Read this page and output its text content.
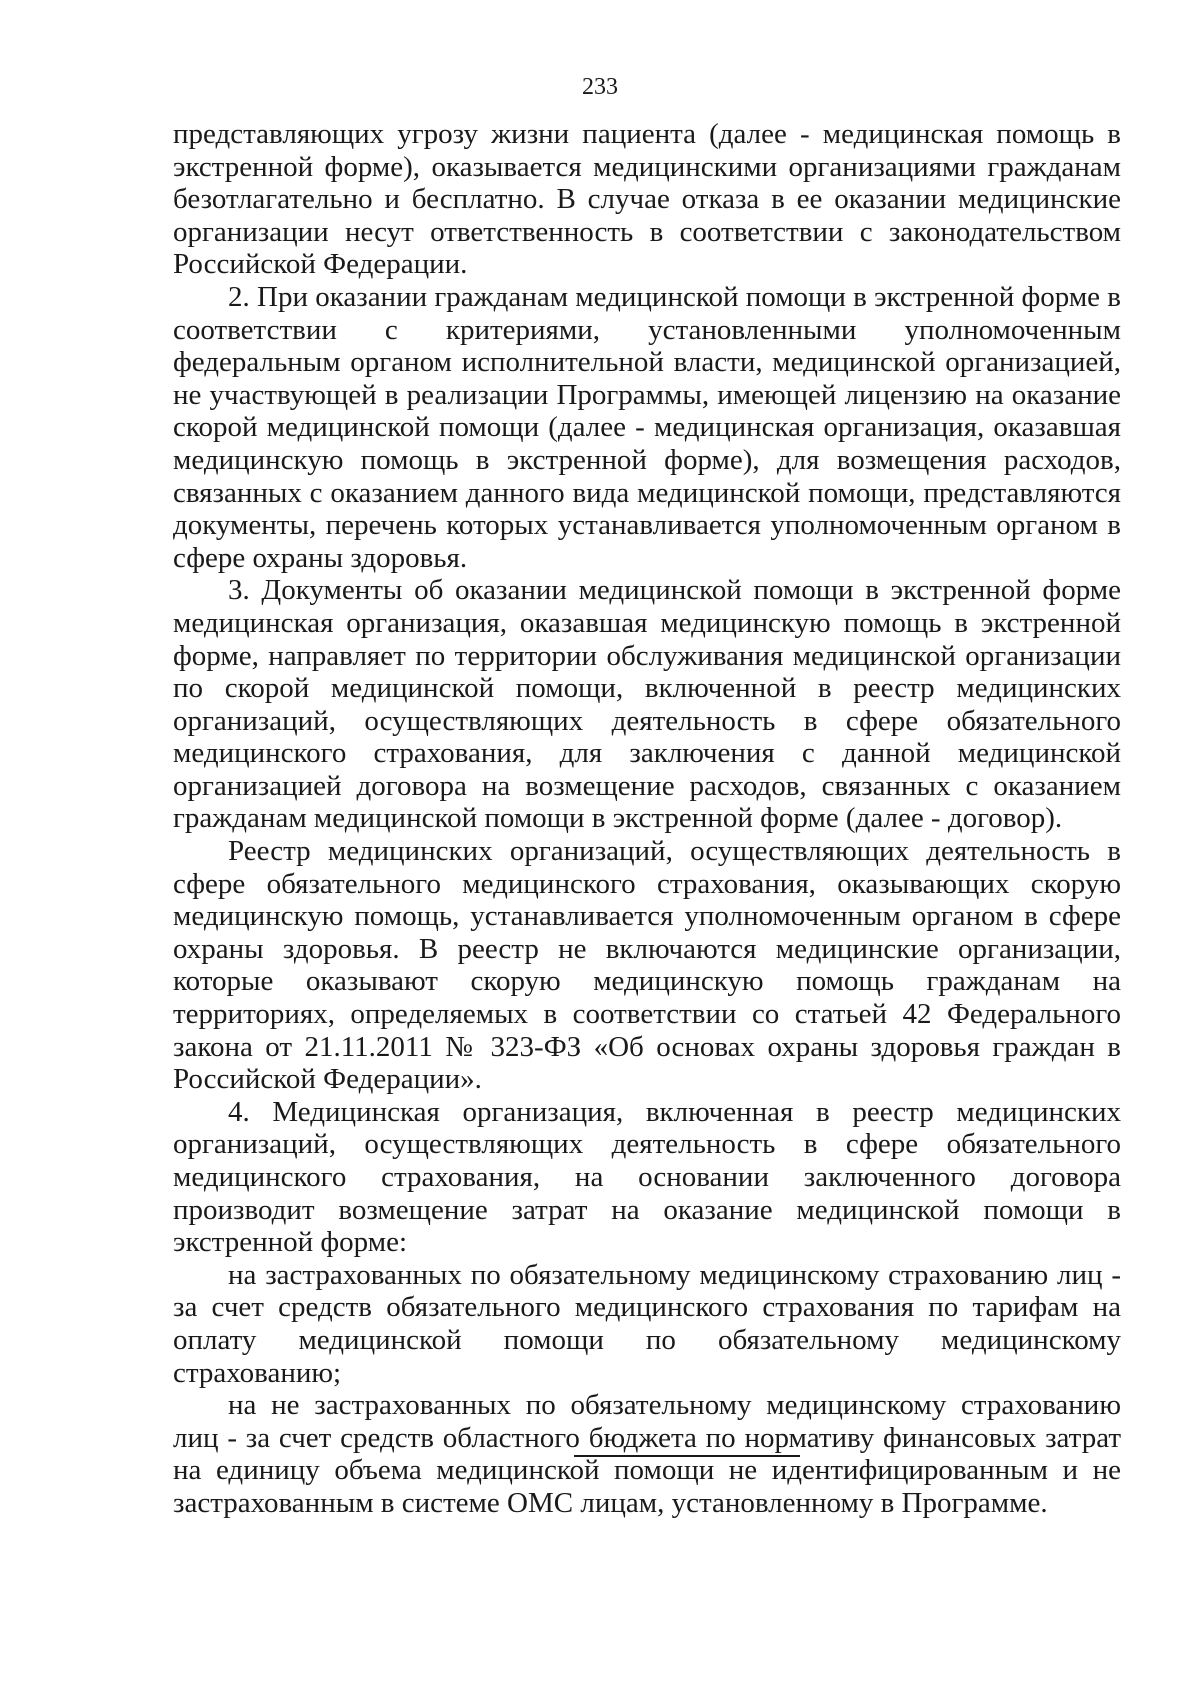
233

представляющих угрозу жизни пациента (далее - медицинская помощь в экстренной форме), оказывается медицинскими организациями гражданам безотлагательно и бесплатно. В случае отказа в ее оказании медицинские организации несут ответственность в соответствии с законодательством Российской Федерации.

2. При оказании гражданам медицинской помощи в экстренной форме в соответствии с критериями, установленными уполномоченным федеральным органом исполнительной власти, медицинской организацией, не участвующей в реализации Программы, имеющей лицензию на оказание скорой медицинской помощи (далее - медицинская организация, оказавшая медицинскую помощь в экстренной форме), для возмещения расходов, связанных с оказанием данного вида медицинской помощи, представляются документы, перечень которых устанавливается уполномоченным органом в сфере охраны здоровья.

3. Документы об оказании медицинской помощи в экстренной форме медицинская организация, оказавшая медицинскую помощь в экстренной форме, направляет по территории обслуживания медицинской организации по скорой медицинской помощи, включенной в реестр медицинских организаций, осуществляющих деятельность в сфере обязательного медицинского страхования, для заключения с данной медицинской организацией договора на возмещение расходов, связанных с оказанием гражданам медицинской помощи в экстренной форме (далее - договор).

Реестр медицинских организаций, осуществляющих деятельность в сфере обязательного медицинского страхования, оказывающих скорую медицинскую помощь, устанавливается уполномоченным органом в сфере охраны здоровья. В реестр не включаются медицинские организации, которые оказывают скорую медицинскую помощь гражданам на территориях, определяемых в соответствии со статьей 42 Федерального закона от 21.11.2011 № 323-ФЗ «Об основах охраны здоровья граждан в Российской Федерации».

4. Медицинская организация, включенная в реестр медицинских организаций, осуществляющих деятельность в сфере обязательного медицинского страхования, на основании заключенного договора производит возмещение затрат на оказание медицинской помощи в экстренной форме:

на застрахованных по обязательному медицинскому страхованию лиц - за счет средств обязательного медицинского страхования по тарифам на оплату медицинской помощи по обязательному медицинскому страхованию;

на не застрахованных по обязательному медицинскому страхованию лиц - за счет средств областного бюджета по нормативу финансовых затрат на единицу объема медицинской помощи не идентифицированным и не застрахованным в системе ОМС лицам, установленному в Программе.
